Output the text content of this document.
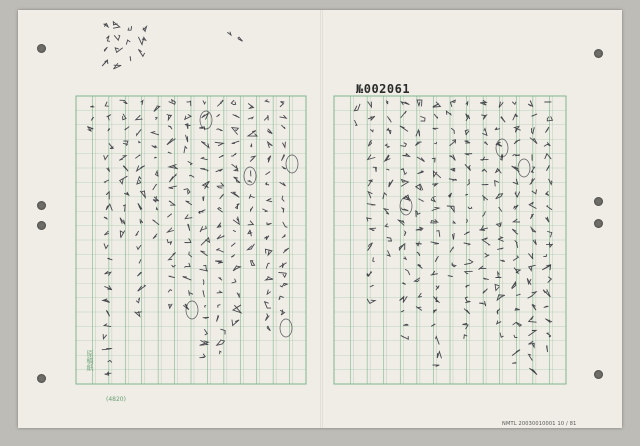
№002061
原稿紙
(4820)
NMTL 20030010001 10 / 81
